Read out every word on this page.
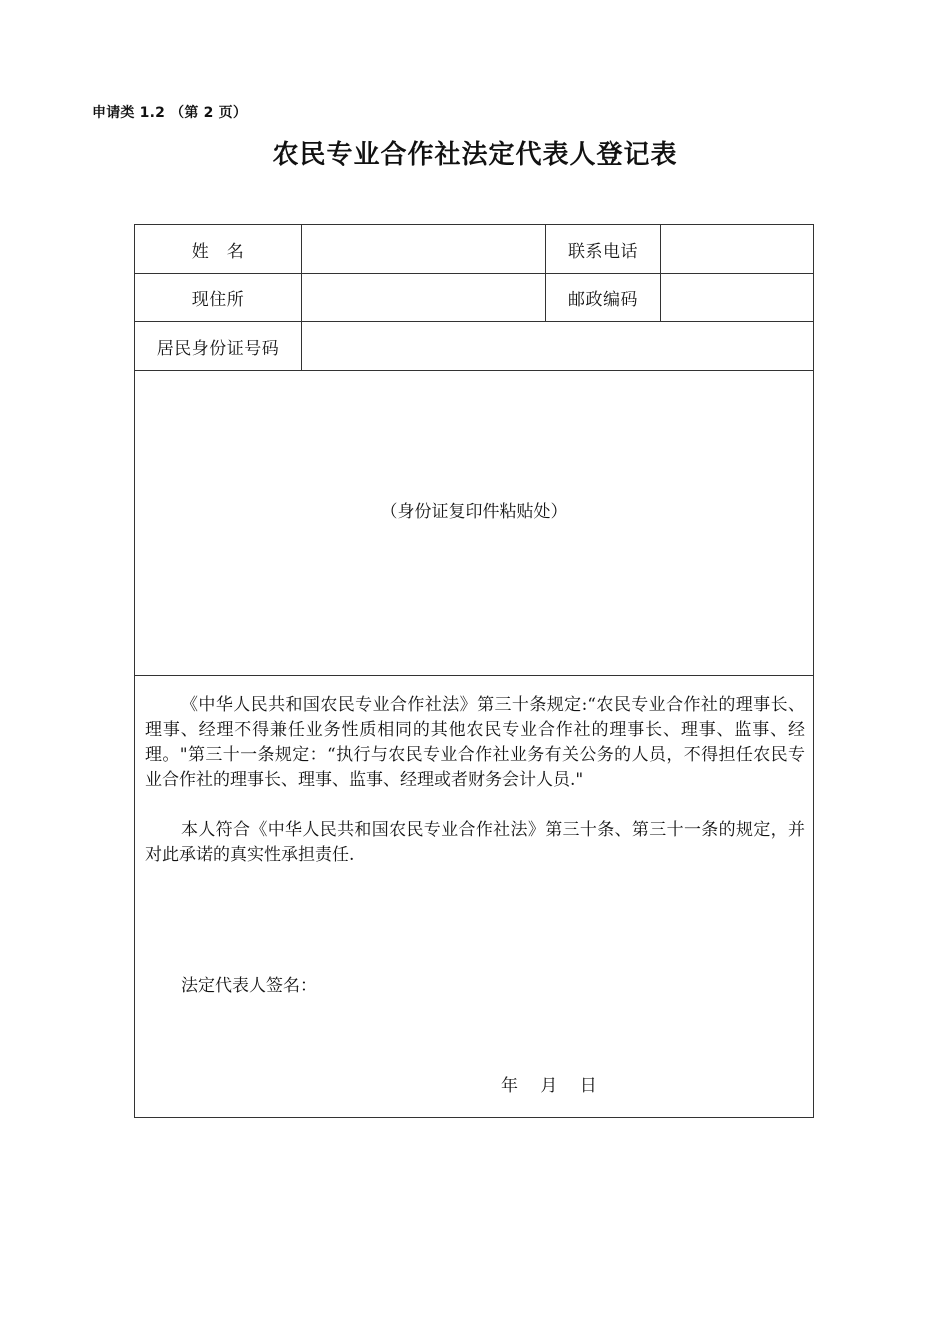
申请类 1.2 （第 2 页）
农民专业合作社法定代表人登记表
姓　名	联系电话
现住所	邮政编码
居民身份证号码
（身份证复印件粘贴处）

《中华人民共和国农民专业合作社法》第三十条规定:“农民专业合作社的理事长、理事、经理不得兼任业务性质相同的其他农民专业合作社的理事长、理事、监事、经理。"第三十一条规定：“执行与农民专业合作社业务有关公务的人员，不得担任农民专业合作社的理事长、理事、监事、经理或者财务会计人员."

本人符合《中华人民共和国农民专业合作社法》第三十条、第三十一条的规定，并对此承诺的真实性承担责任.

法定代表人签名：
年　 月　 日
